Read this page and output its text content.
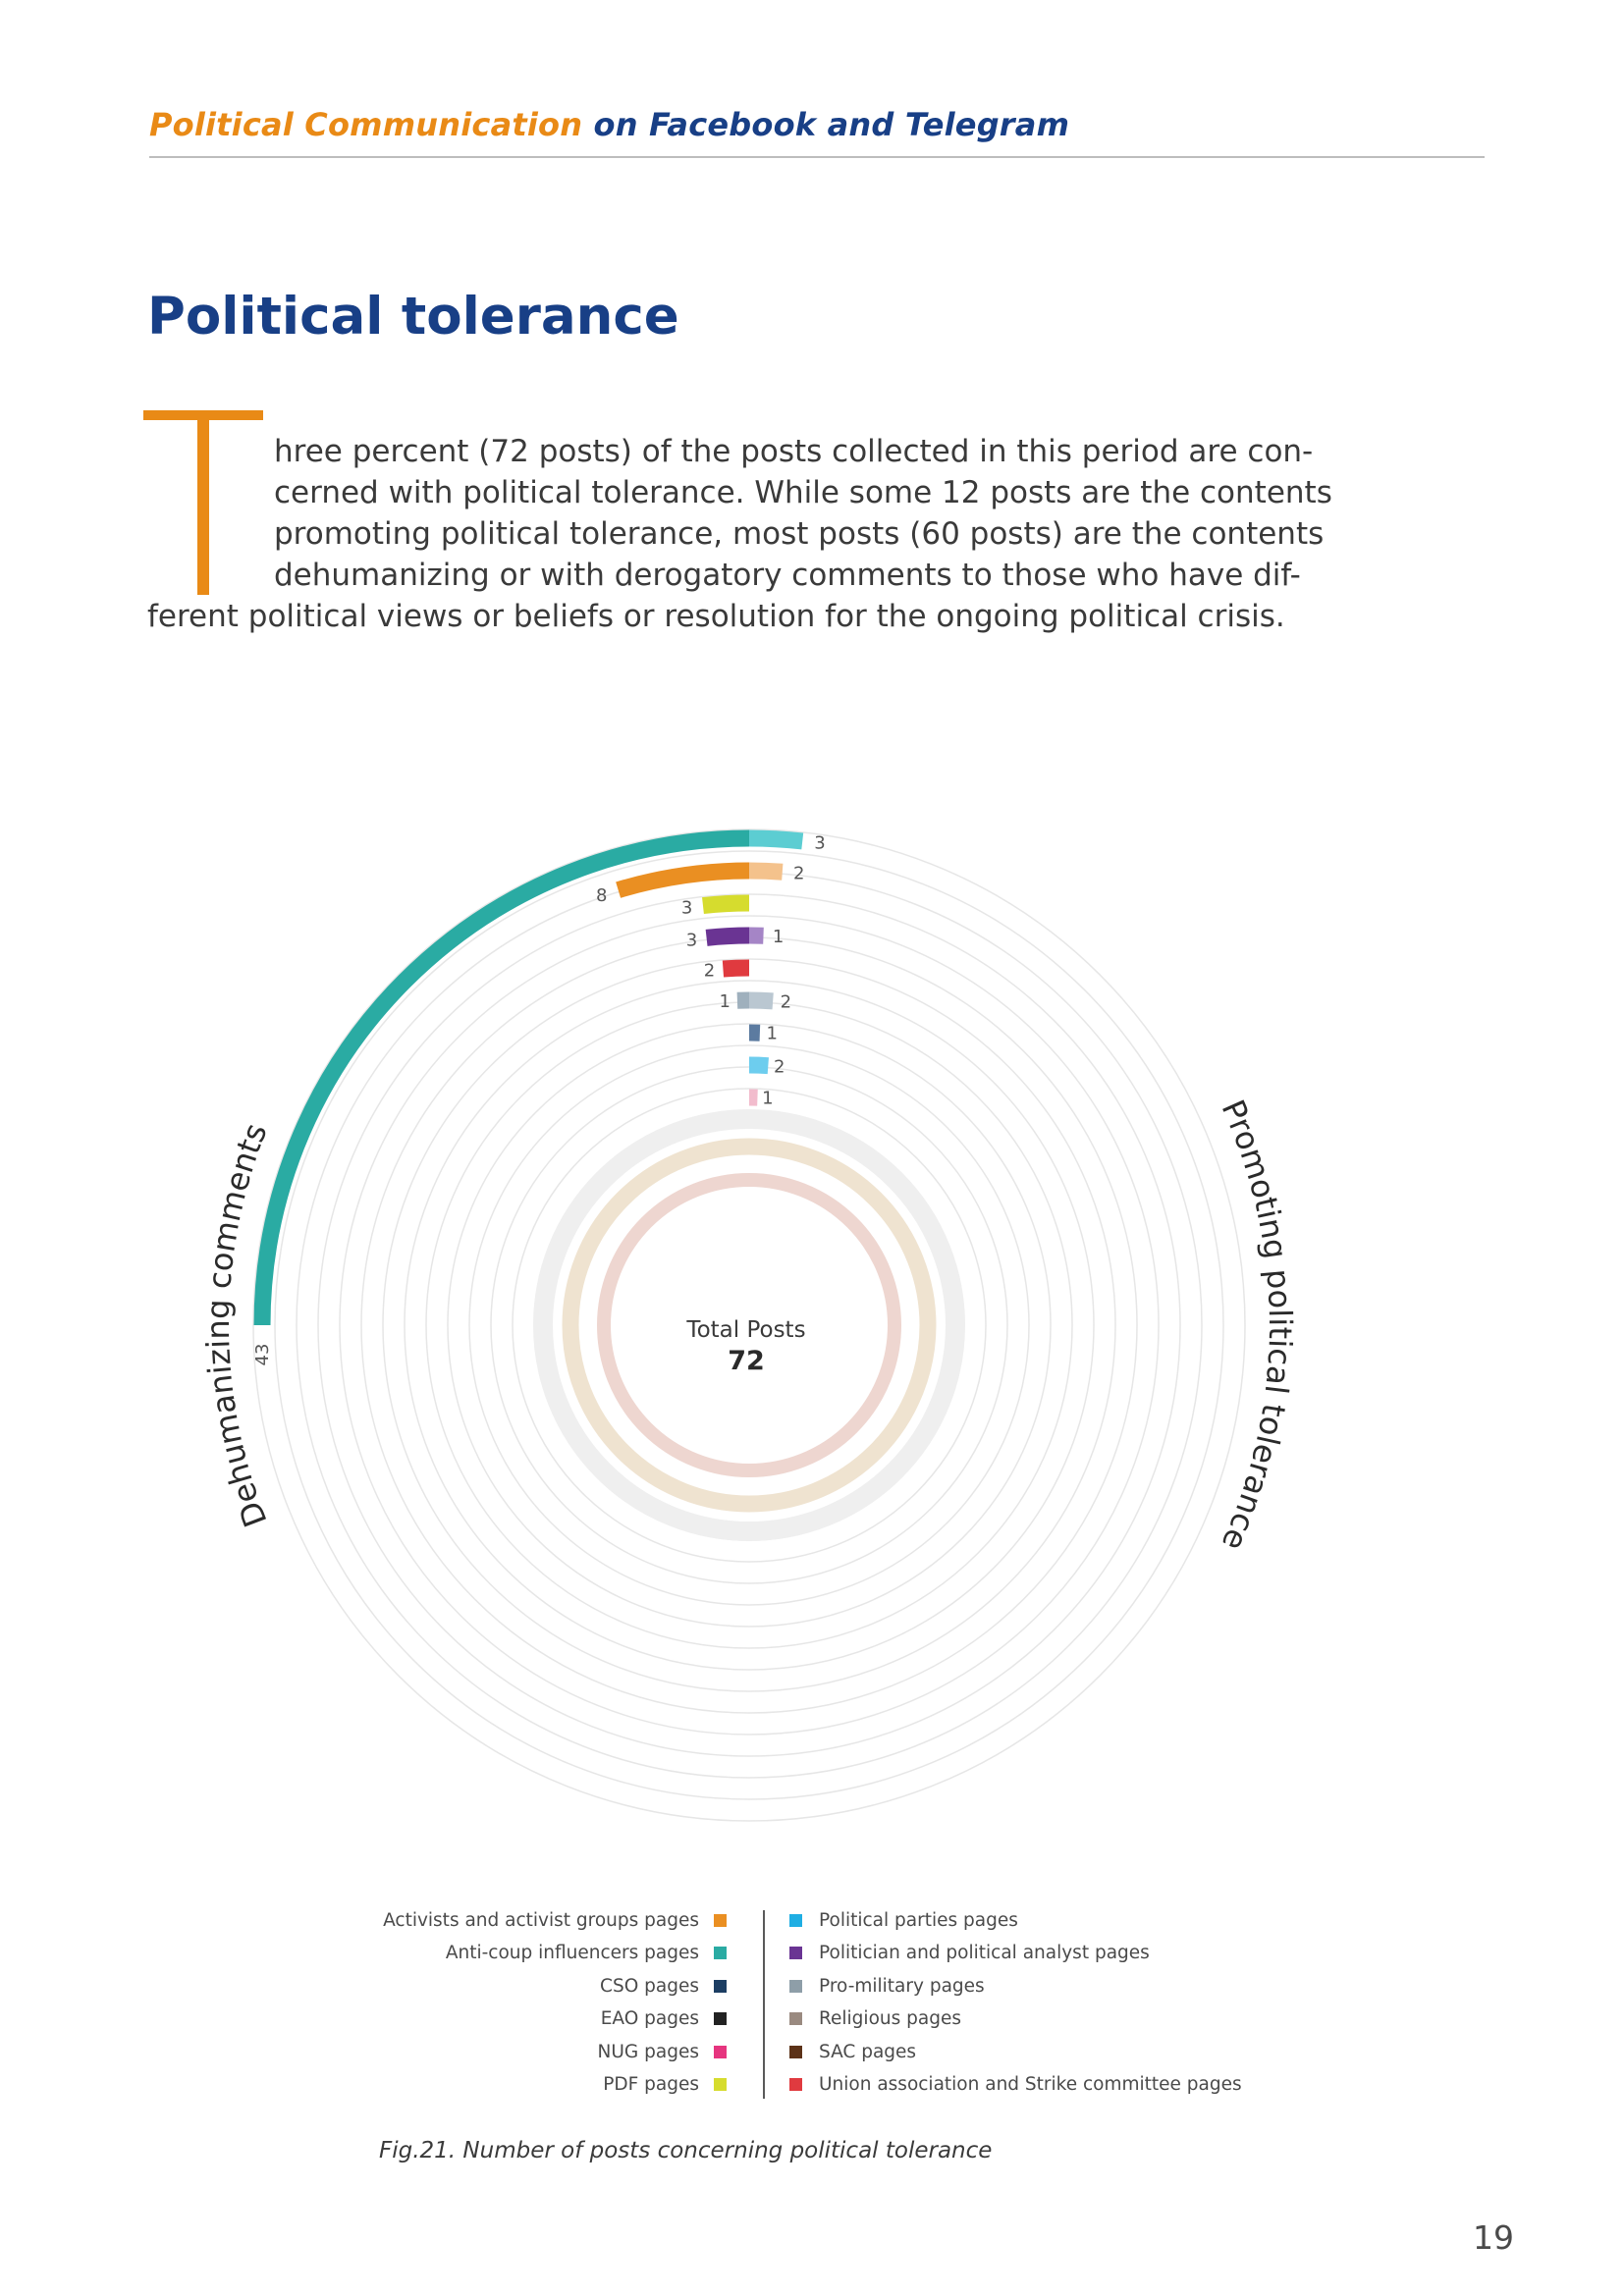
Political Communication on Facebook and Telegram
Political tolerance
hree percent (72 posts) of the posts collected in this period are con-
cerned with political tolerance. While some 12 posts are the contents
promoting political tolerance, most posts (60 posts) are the contents
dehumanizing or with derogatory comments to those who have dif-
ferent political views or beliefs or resolution for the ongoing political crisis.
43
3
8
2
3
3	1
2
1	2
1
2
1
Total Posts
72
Dehumanizing comments
Promoting political tolerance
Activists and activist groups pages
Anti-coup influencers pages
CSO pages
EAO pages
NUG pages
PDF pages
Political parties pages
Politician and political analyst pages
Pro-military pages
Religious pages
SAC pages
Union association and Strike committee pages
Fig.21. Number of posts concerning political tolerance
19
